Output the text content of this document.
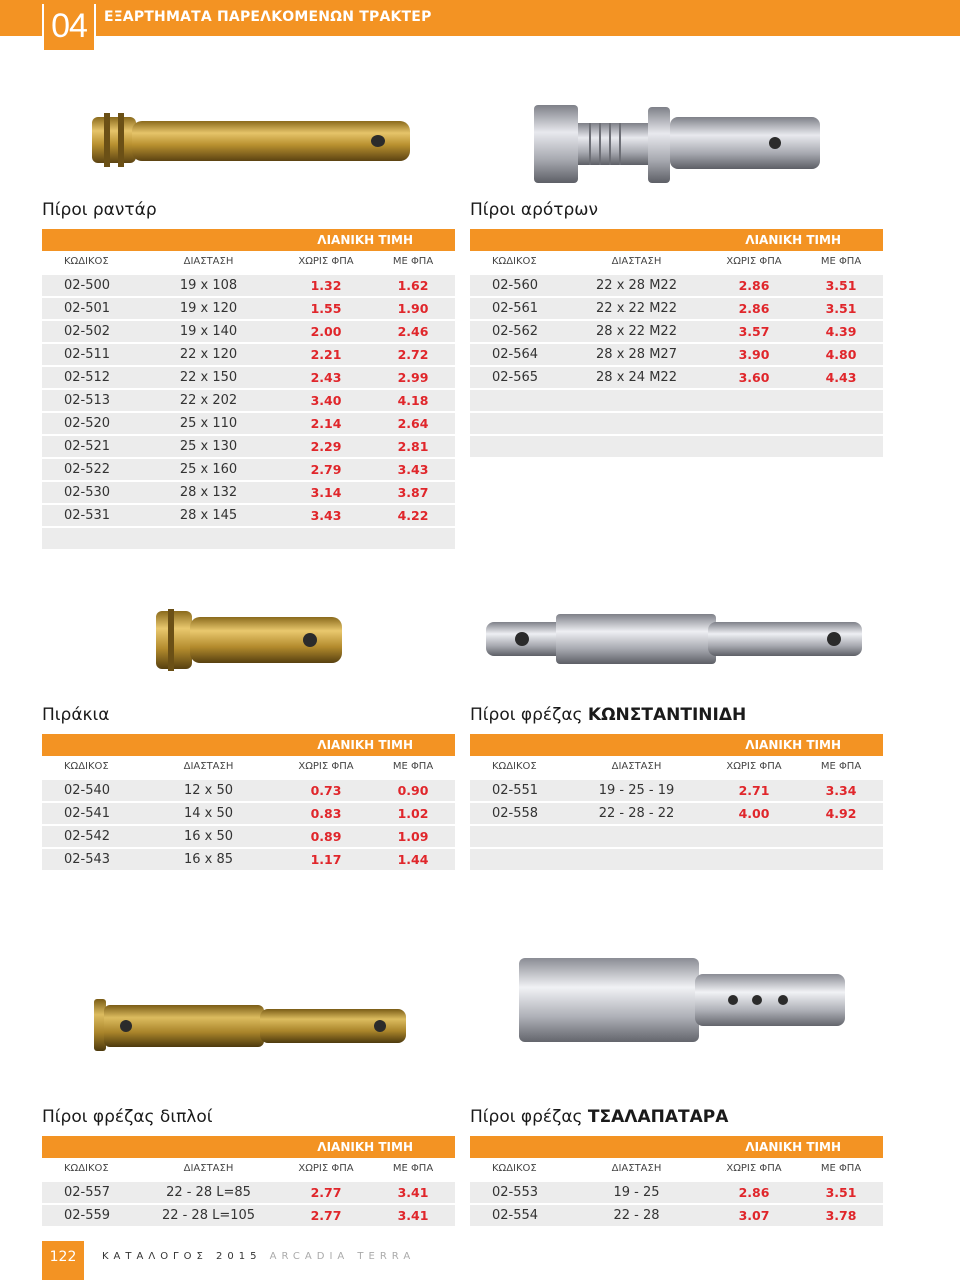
04	ΕΞΑΡΤΗΜΑΤΑ ΠΑΡΕΛΚΟΜΕΝΩΝ ΤΡΑΚΤΕΡ
Πίροι ραντάρ
ΛΙΑΝΙΚΗ ΤΙΜΗ
ΚΩΔΙΚΟΣ	ΔΙΑΣΤΑΣΗ	ΧΩΡΙΣ ΦΠΑ	ΜΕ ΦΠΑ
02-500	19 x 108	1.32	1.62
02-501	19 x 120	1.55	1.90
02-502	19 x 140	2.00	2.46
02-511	22 x 120	2.21	2.72
02-512	22 x 150	2.43	2.99
02-513	22 x 202	3.40	4.18
02-520	25 x 110	2.14	2.64
02-521	25 x 130	2.29	2.81
02-522	25 x 160	2.79	3.43
02-530	28 x 132	3.14	3.87
02-531	28 x 145	3.43	4.22
Πίροι αρότρων
ΛΙΑΝΙΚΗ ΤΙΜΗ
ΚΩΔΙΚΟΣ	ΔΙΑΣΤΑΣΗ	ΧΩΡΙΣ ΦΠΑ	ΜΕ ΦΠΑ
02-560	22 x 28 M22	2.86	3.51
02-561	22 x 22 M22	2.86	3.51
02-562	28 x 22 M22	3.57	4.39
02-564	28 x 28 M27	3.90	4.80
02-565	28 x 24 M22	3.60	4.43
Πιράκια
ΛΙΑΝΙΚΗ ΤΙΜΗ
ΚΩΔΙΚΟΣ	ΔΙΑΣΤΑΣΗ	ΧΩΡΙΣ ΦΠΑ	ΜΕ ΦΠΑ
02-540	12 x 50	0.73	0.90
02-541	14 x 50	0.83	1.02
02-542	16 x 50	0.89	1.09
02-543	16 x 85	1.17	1.44
Πίροι φρέζας ΚΩΝΣΤΑΝΤΙΝΙΔΗ
ΛΙΑΝΙΚΗ ΤΙΜΗ
ΚΩΔΙΚΟΣ	ΔΙΑΣΤΑΣΗ	ΧΩΡΙΣ ΦΠΑ	ΜΕ ΦΠΑ
02-551	19 - 25 - 19	2.71	3.34
02-558	22 - 28 - 22	4.00	4.92
Πίροι φρέζας διπλοί
ΛΙΑΝΙΚΗ ΤΙΜΗ
ΚΩΔΙΚΟΣ	ΔΙΑΣΤΑΣΗ	ΧΩΡΙΣ ΦΠΑ	ΜΕ ΦΠΑ
02-557	22 - 28 L=85	2.77	3.41
02-559	22 - 28 L=105	2.77	3.41
Πίροι φρέζας ΤΣΑΛΑΠΑΤΑΡΑ
ΛΙΑΝΙΚΗ ΤΙΜΗ
ΚΩΔΙΚΟΣ	ΔΙΑΣΤΑΣΗ	ΧΩΡΙΣ ΦΠΑ	ΜΕ ΦΠΑ
02-553	19 - 25	2.86	3.51
02-554	22 - 28	3.07	3.78
122	ΚΑΤΑΛΟΓΟΣ 2015 ARCADIA TERRA
